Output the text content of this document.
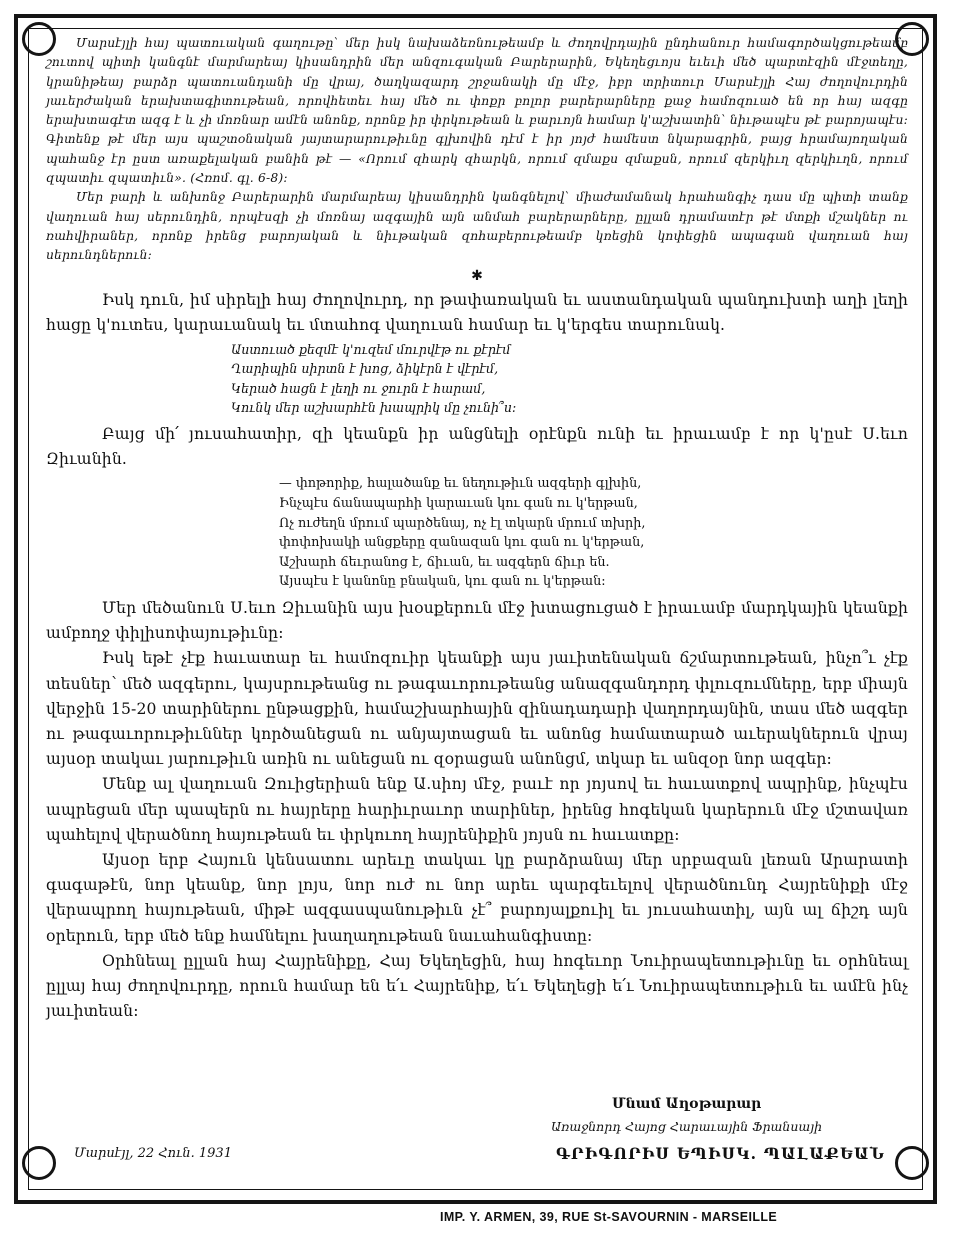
Մարսէյլի հայ պատուական գաղութը՝ մեր իսկ նախաձեռնութեամբ և ժողովրդային ընդհանուր համագործակցութեամբ շուտով պիտի կանգնէ մարմարեայ կիսանդրին մեր անզուգական Բարերարին, Եկեղեցւոյս եւեւի մեծ պարտէզին մէջտեղը, կրանիթեայ բարձր պատուանդանի մը վրայ, ծաղկազարդ շրջանակի մը մէջ, իբր տրիտուր Մարսէյլի Հայ ժողովուրդին յաւերժական երախտագիտութեան, որովհետեւ հայ մեծ ու փոքր բոլոր բարերարները քաջ համոզուած են որ հայ ազգը երախտագէտ ազգ է և չի մոռնար ամէն անոնք, որոնք իր փրկութեան և բարւոյն համար կ'աշխատին՝ նիւթապէս թէ բարոյապէս։ Գիտենք թէ մեր այս պաշտօնական յայտարարութիւնը գլխովին դէմ է իր յոյժ համեստ նկարագրին, բայց հրամայողական պահանջ էր ըստ առաքելական բանին թէ — «Որում զհարկ զհարկն, որում զմաքս զմաքսն, որում զերկիւղ զերկիւղն, որում զպատիւ զպատիւն». (Հռոմ. գլ. 6-8):

Մեր բարի և անխոնջ Բարերարին մարմարեայ կիսանդրին կանգնելով՝ միաժամանակ հրահանգիչ դաս մը պիտի տանք վաղուան հայ սերունդին, որպէսզի չի մոռնայ ազգային այն անմահ բարերարները, ըլլան դրամատէր թէ մտքի մշակներ ու ռահվիրաներ, որոնք իրենց բարոյական և նիւթական զոհաբերութեամբ կռեցին կոփեցին ապագան վաղուան հայ սերունդներուն։

✱

Իսկ դուն, իմ սիրելի հայ ժողովուրդ, որ թափառական եւ աստանդական պանդուխտի աղի լեղի հացը կ'ուտես, կարաւանակ եւ մտահոգ վաղուան համար եւ կ'երգես տարունակ.

Աստուած քեզմէ կ'ուզեմ մուրվէթ ու քէրէմ
Ղարիպին սիրտն է խոց, ձիկէրն է վէրէմ,
Կերած հացն է լեղի ու ջուրն է հարամ,
Կունկ մեր աշխարհէն խապրիկ մը չունի՞ս։

Բայց մի՛ յուսահատիր, զի կեանքն իր անցնելի օրէնքն ունի եւ իրաւամբ է որ կ'ըսէ Ս.եւո Զիւանին.

— փոթորիք, հալածանք եւ նեղութիւն ազգերի գլխին,
Ինչպէս ճանապարհի կարաւան կու գան ու կ'երթան,
Ոչ ուժեղն մրում պարծենայ, ոչ էլ տկարն մրում տխրի,
փոփոխակի անցքերը զանազան կու գան ու կ'երթան,
Աշխարհ ճեւրանոց է, ճիւան, եւ ազգերն ճիւր են.
Այսպէս է կանոնը բնական, կու գան ու կ'երթան։

Մեր մեծանուն Ս.եւո Զիւանին այս խօսքերուն մէջ խտացուցած է իրաւամբ մարդկային կեանքի ամբողջ փիլիսոփայութիւնը։

Իսկ եթէ չէք հաւատար եւ համոզուիր կեանքի այս յաւիտենական ճշմարտութեան, ինչո՞ւ չէք տեսներ՝ մեծ ազգերու, կայսրութեանց ու թագաւորութեանց անազգանդորդ փլուզումները, երբ միայն վերջին 15-20 տարիներու ընթացքին, համաշխարհային զինադադարի վաղորդայնին, տաս մեծ ազգեր ու թագաւորութիւններ կործանեցան ու անյայտացան եւ անոնց համատարած աւերակներուն վրայ այսօր տակաւ յարութիւն առին ու անեցան ու զօրացան անոնցմ, տկար եւ անզօր նոր ազգեր։

Մենք ալ վաղուան Զուիցերիան ենք Ա.սիոյ մէջ, բաւէ որ յոյսով եւ հաւատքով ապրինք, ինչպէս ապրեցան մեր պապերն ու հայրերը հարիւրաւոր տարիներ, իրենց հոգեկան կարերուն մէջ մշտավառ պահելով վերածնող հայութեան եւ փրկուող հայրենիքին յոյսն ու հաւատքը։

Այսօր երբ Հայուն կենսատու արեւը տակաւ կը բարձրանայ մեր սրբազան լեռան Արարատի գագաթէն, նոր կեանք, նոր լոյս, նոր ուժ ու նոր արեւ պարգեւելով վերածնունդ Հայրենիքի մէջ վերապրող հայութեան, միթէ ազգասպանութիւն չէ՞ բարոյալքուիլ եւ յուսահատիլ, այն ալ ճիշդ այն օրերուն, երբ մեծ ենք համնելու խաղաղութեան նաւահանգիստը։

Օրհնեալ ըլլան հայ Հայրենիքը, Հայ Եկեղեցին, հայ հոգեւոր Նուիրապետութիւնը եւ օրհնեալ ըլլայ հայ ժողովուրդը, որուն համար են ե՛ւ Հայրենիք, ե՛ւ Եկեղեցի ե՛ւ Նուիրապետութիւն եւ ամէն ինչ յաւիտեան։

Մնամ Աղօթարար
Առաջնորդ Հայոց Հարաւային Ֆրանսայի
Մարսէյլ, 22 Հուն. 1931	ԳՐԻԳՈՐԻՍ ԵՊԻՍԿ. ՊԱԼԱՔԵԱՆ
IMP. Y. ARMEN, 39, RUE St-SAVOURNIN - MARSEILLE
